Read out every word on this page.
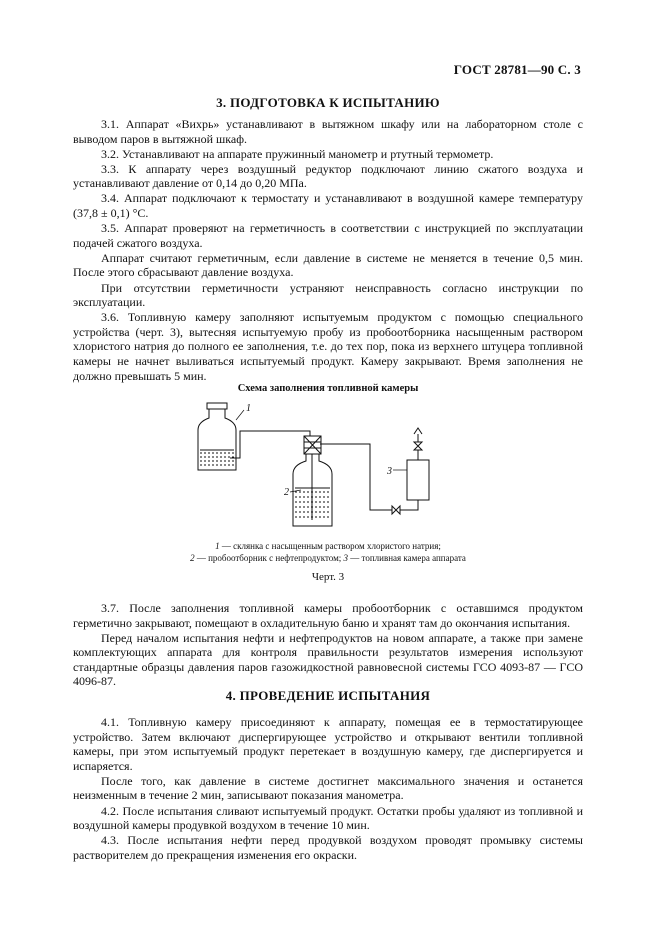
ГОСТ 28781—90 С. 3
3. ПОДГОТОВКА К ИСПЫТАНИЮ

3.1. Аппарат «Вихрь» устанавливают в вытяжном шкафу или на лабораторном столе с выводом паров в вытяжной шкаф.

3.2. Устанавливают на аппарате пружинный манометр и ртутный термометр.

3.3. К аппарату через воздушный редуктор подключают линию сжатого воздуха и устанавливают давление от 0,14 до 0,20 МПа.

3.4. Аппарат подключают к термостату и устанавливают в воздушной камере температуру (37,8 ± 0,1) °С.

3.5. Аппарат проверяют на герметичность в соответствии с инструкцией по эксплуатации подачей сжатого воздуха.

Аппарат считают герметичным, если давление в системе не меняется в течение 0,5 мин. После этого сбрасывают давление воздуха.

При отсутствии герметичности устраняют неисправность согласно инструкции по эксплуатации.

3.6. Топливную камеру заполняют испытуемым продуктом с помощью специального устройства (черт. 3), вытесняя испытуемую пробу из пробоотборника насыщенным раствором хлористого натрия до полного ее заполнения, т.е. до тех пор, пока из верхнего штуцера топливной камеры не начнет выливаться испытуемый продукт. Камеру закрывают. Время заполнения не должно превышать 5 мин.

Схема заполнения топливной камеры
1
2
3
1 — склянка с насыщенным раствором хлористого натрия;
2 — пробоотборник с нефтепродуктом; 3 — топливная камера аппарата
Черт. 3

3.7. После заполнения топливной камеры пробоотборник с оставшимся продуктом герметично закрывают, помещают в охладительную баню и хранят там до окончания испытания.

Перед началом испытания нефти и нефтепродуктов на новом аппарате, а также при замене комплектующих аппарата для контроля правильности результатов измерения используют стандартные образцы давления паров газожидкостной равновесной системы ГСО 4093-87 — ГСО 4096-87.

4. ПРОВЕДЕНИЕ ИСПЫТАНИЯ

4.1. Топливную камеру присоединяют к аппарату, помещая ее в термостатирующее устройство. Затем включают диспергирующее устройство и открывают вентили топливной камеры, при этом испытуемый продукт перетекает в воздушную камеру, где диспергируется и испаряется.

После того, как давление в системе достигнет максимального значения и останется неизменным в течение 2 мин, записывают показания манометра.

4.2. После испытания сливают испытуемый продукт. Остатки пробы удаляют из топливной и воздушной камеры продувкой воздухом в течение 10 мин.

4.3. После испытания нефти перед продувкой воздухом проводят промывку системы растворителем до прекращения изменения его окраски.
